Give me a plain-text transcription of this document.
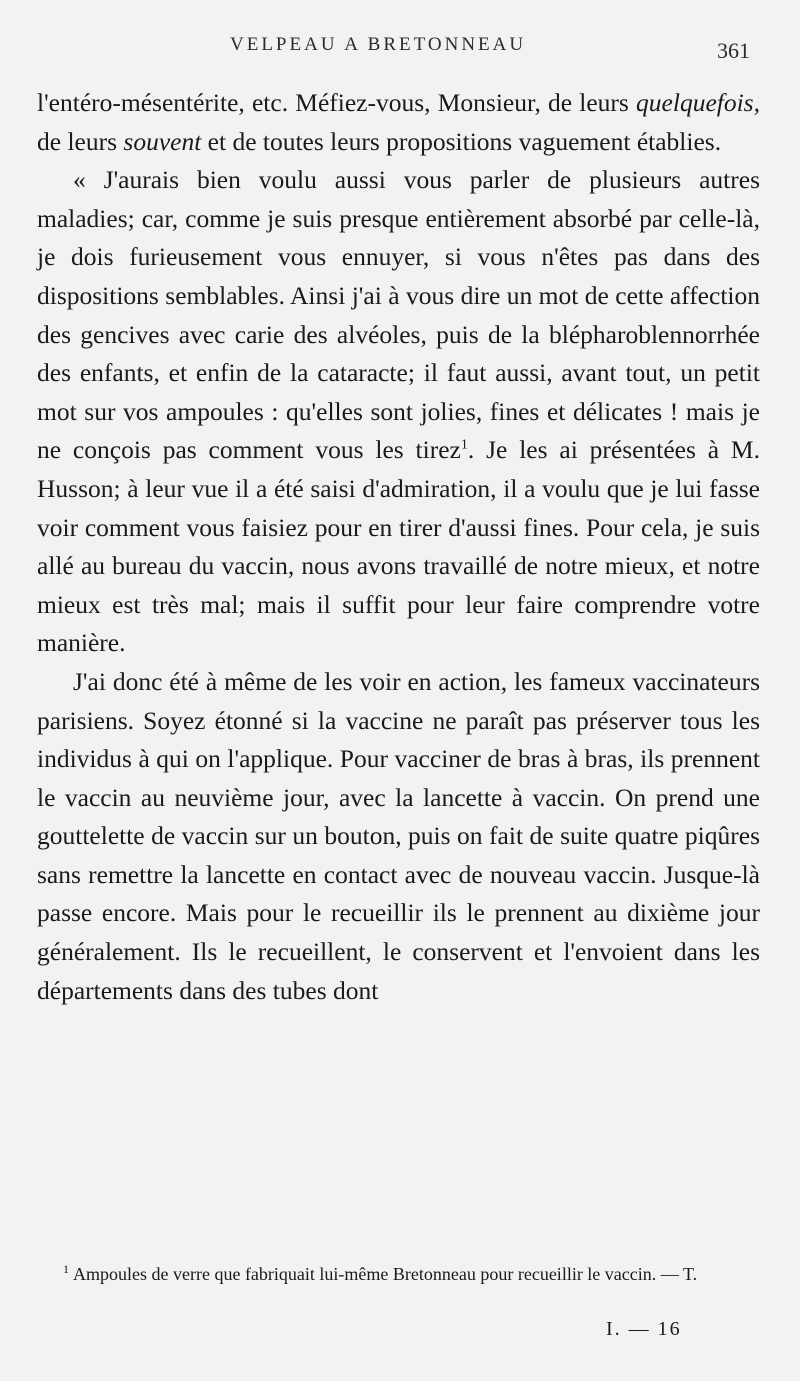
VELPEAU A BRETONNEAU	361

l'entéro-mésentérite, etc. Méfiez-vous, Monsieur, de leurs quelquefois, de leurs souvent et de toutes leurs propositions vaguement établies.

« J'aurais bien voulu aussi vous parler de plusieurs autres maladies; car, comme je suis presque entièrement absorbé par celle-là, je dois furieusement vous ennuyer, si vous n'êtes pas dans des dispositions semblables. Ainsi j'ai à vous dire un mot de cette affection des gencives avec carie des alvéoles, puis de la blépharoblennorrhée des enfants, et enfin de la cataracte; il faut aussi, avant tout, un petit mot sur vos ampoules : qu'elles sont jolies, fines et délicates ! mais je ne conçois pas comment vous les tirez$^1$. Je les ai présentées à M. Husson; à leur vue il a été saisi d'admiration, il a voulu que je lui fasse voir comment vous faisiez pour en tirer d'aussi fines. Pour cela, je suis allé au bureau du vaccin, nous avons travaillé de notre mieux, et notre mieux est très mal; mais il suffit pour leur faire comprendre votre manière.

J'ai donc été à même de les voir en action, les fameux vaccinateurs parisiens. Soyez étonné si la vaccine ne paraît pas préserver tous les individus à qui on l'applique. Pour vacciner de bras à bras, ils prennent le vaccin au neuvième jour, avec la lancette à vaccin. On prend une gouttelette de vaccin sur un bouton, puis on fait de suite quatre piqûres sans remettre la lancette en contact avec de nouveau vaccin. Jusque-là passe encore. Mais pour le recueillir ils le prennent au dixième jour généralement. Ils le recueillent, le conservent et l'envoient dans les départements dans des tubes dont

$^1$ Ampoules de verre que fabriquait lui-même Bretonneau pour recueillir le vaccin. — T.
I. — 16
